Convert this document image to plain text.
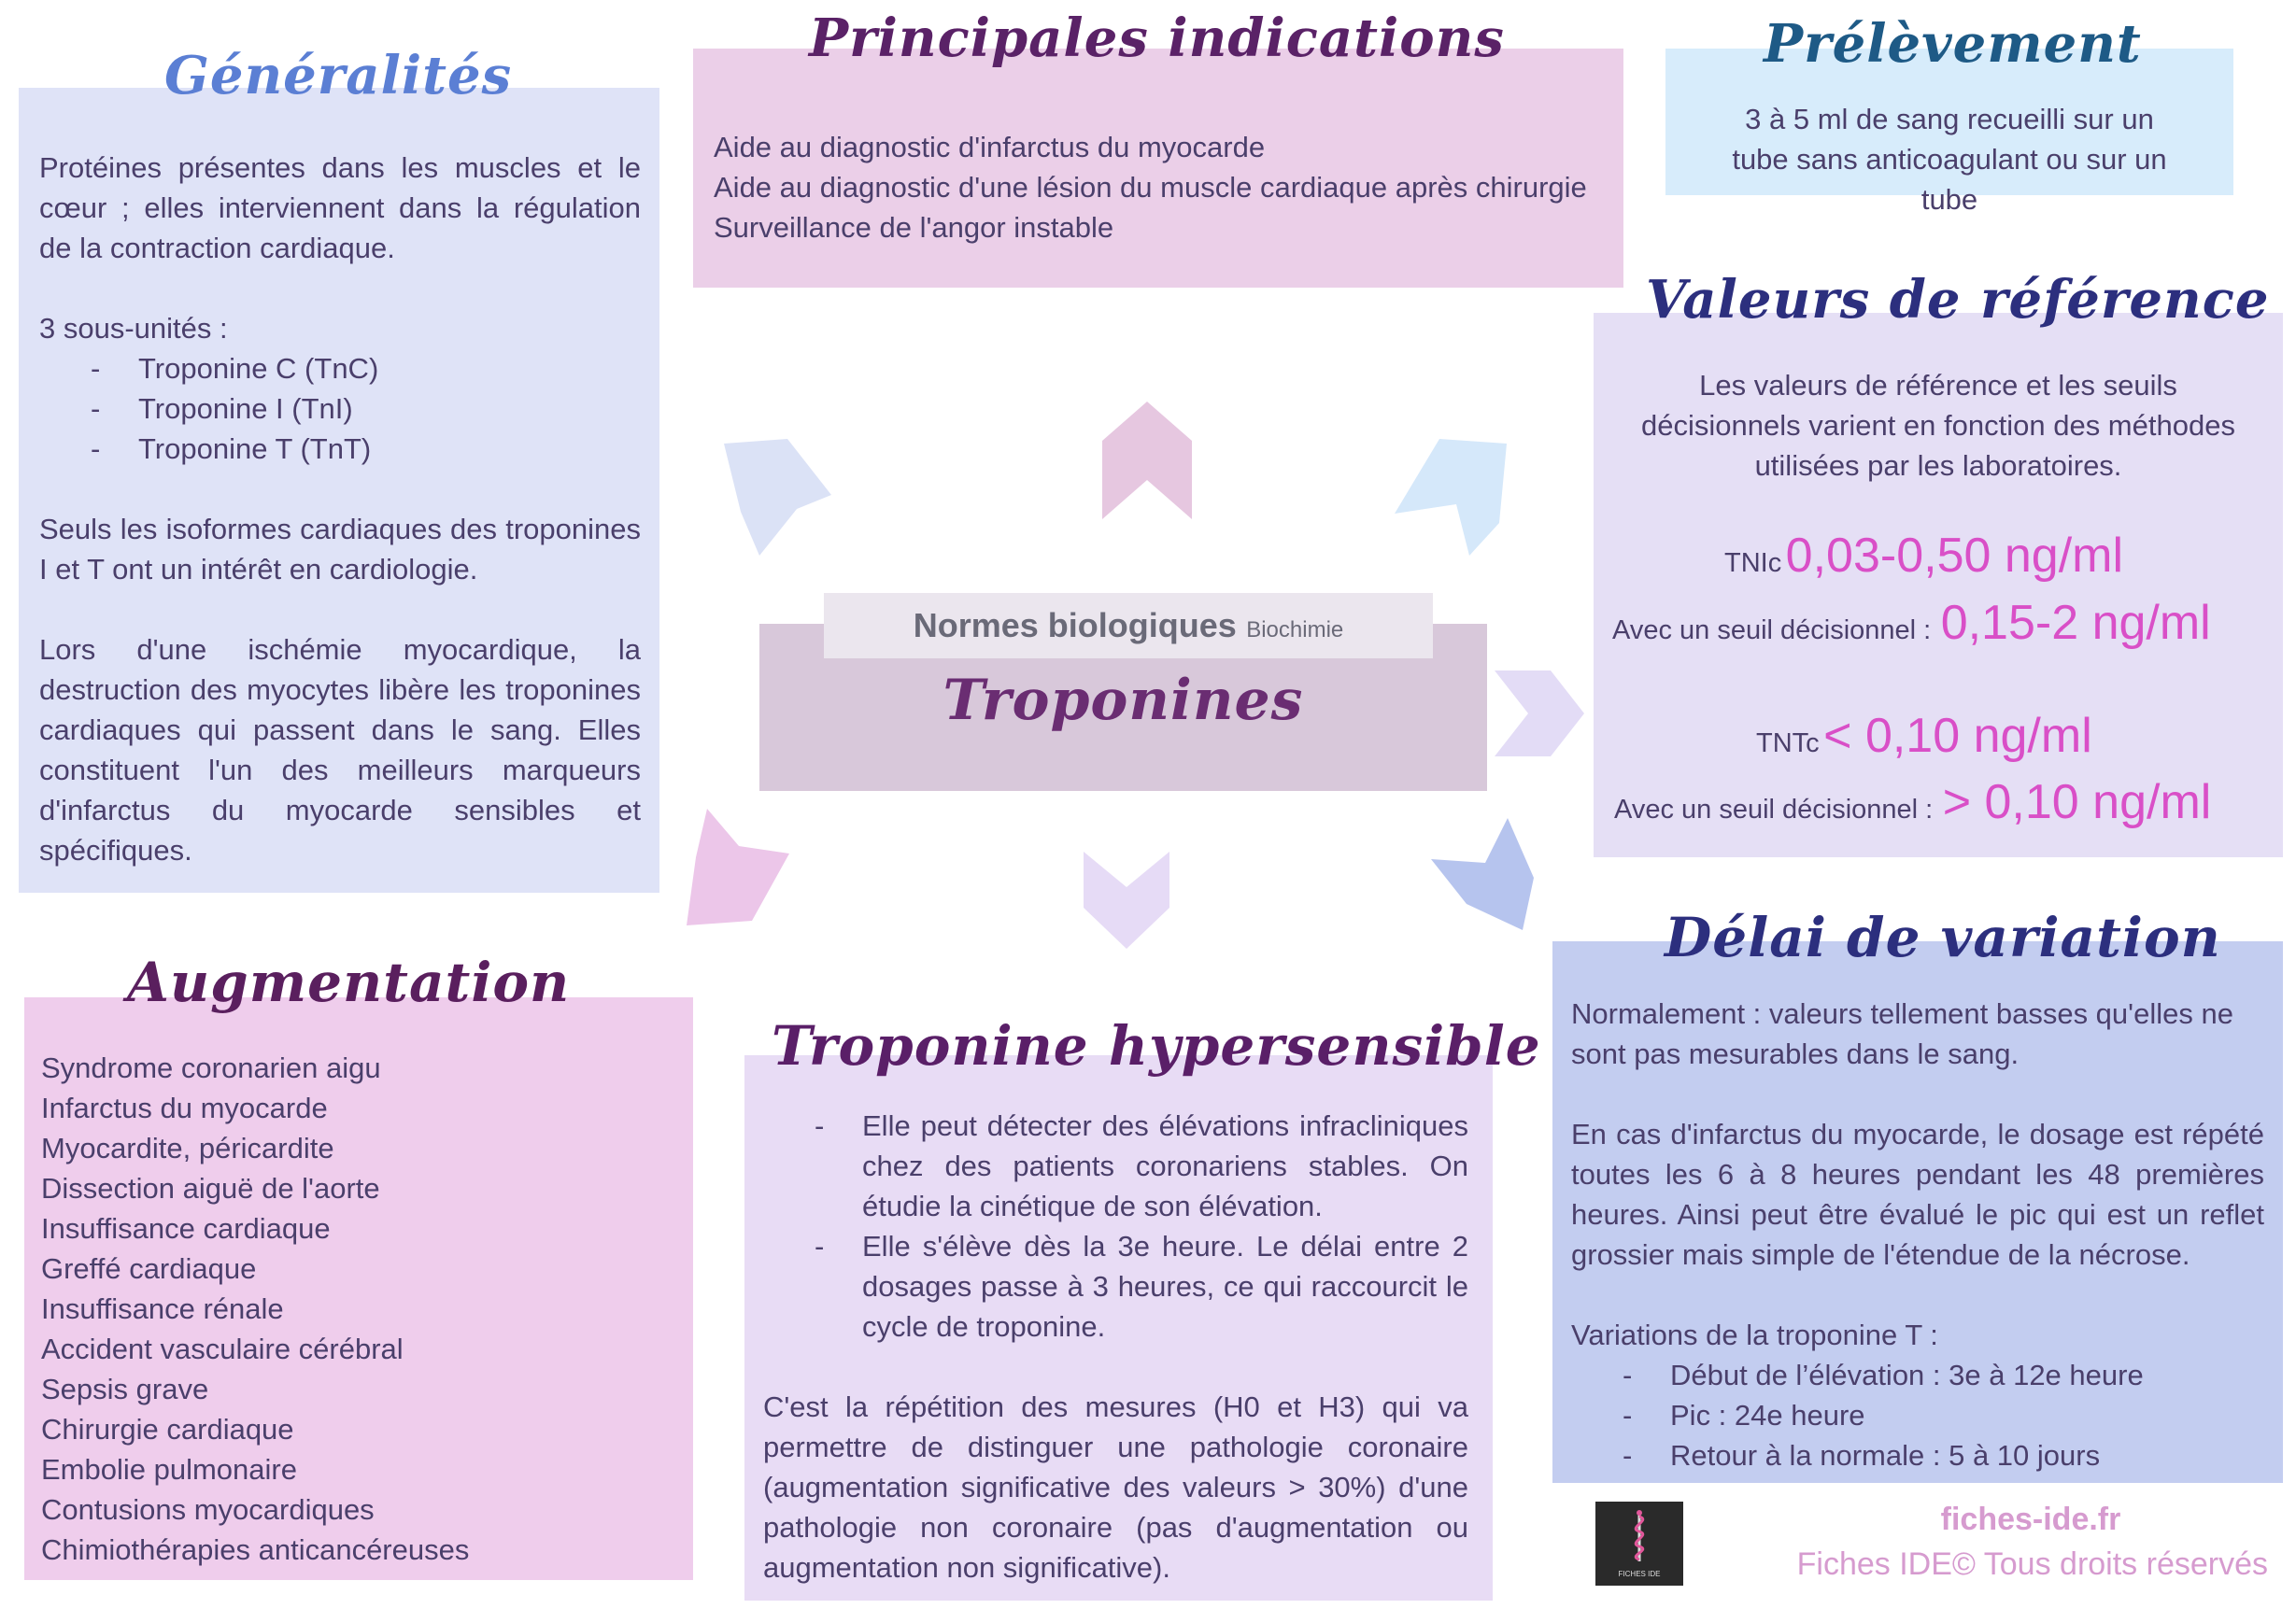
Protéines présentes dans les muscles et le cœur ; elles interviennent dans la régulation de la contraction cardiaque.

3 sous-unités :

- Troponine C (TnC)
- Troponine I (TnI)
- Troponine T (TnT)

Seuls les isoformes cardiaques des troponines I et T ont un intérêt en cardiologie.

Lors d'une ischémie myocardique, la destruction des myocytes libère les troponines cardiaques qui passent dans le sang. Elles constituent l'un des meilleurs marqueurs d'infarctus du myocarde sensibles et spécifiques.

Généralités
Aide au diagnostic d'infarctus du myocarde
Aide au diagnostic d'une lésion du muscle cardiaque après chirurgie
Surveillance de l'angor instable
Principales indications
3 à 5 ml de sang recueilli sur un tube sans anticoagulant ou sur un tube
Prélèvement
Les valeurs de référence et les seuils décisionnels varient en fonction des méthodes utilisées par les laboratoires.
TNIc 0,03-0,50 ng/ml
Avec un seuil décisionnel : 0,15-2 ng/ml
TNTc < 0,10 ng/ml
Avec un seuil décisionnel : > 0,10 ng/ml
Valeurs de référence
Normes biologiques Biochimie
Troponines
Syndrome coronarien aigu
Infarctus du myocarde
Myocardite, péricardite
Dissection aiguë de l'aorte
Insuffisance cardiaque
Greffé cardiaque
Insuffisance rénale
Accident vasculaire cérébral
Sepsis grave
Chirurgie cardiaque
Embolie pulmonaire
Contusions myocardiques
Chimiothérapies anticancéreuses
Augmentation
- Elle peut détecter des élévations infracliniques chez des patients coronariens stables. On étudie la cinétique de son élévation.
- Elle s'élève dès la 3e heure. Le délai entre 2 dosages passe à 3 heures, ce qui raccourcit le cycle de troponine.

C'est la répétition des mesures (H0 et H3) qui va permettre de distinguer une pathologie coronaire (augmentation significative des valeurs > 30%) d'une pathologie non coronaire (pas d'augmentation ou augmentation non significative).

Troponine hypersensible

Normalement : valeurs tellement basses qu'elles ne sont pas mesurables dans le sang.

En cas d'infarctus du myocarde, le dosage est répété toutes les 6 à 8 heures pendant les 48 premières heures. Ainsi peut être évalué le pic qui est un reflet grossier mais simple de l'étendue de la nécrose.

Variations de la troponine T :

- Début de l’élévation : 3e à 12e heure
- Pic : 24e heure
- Retour à la normale : 5 à 10 jours
Délai de variation
FICHES IDE
fiches-ide.fr
Fiches IDE© Tous droits réservés
